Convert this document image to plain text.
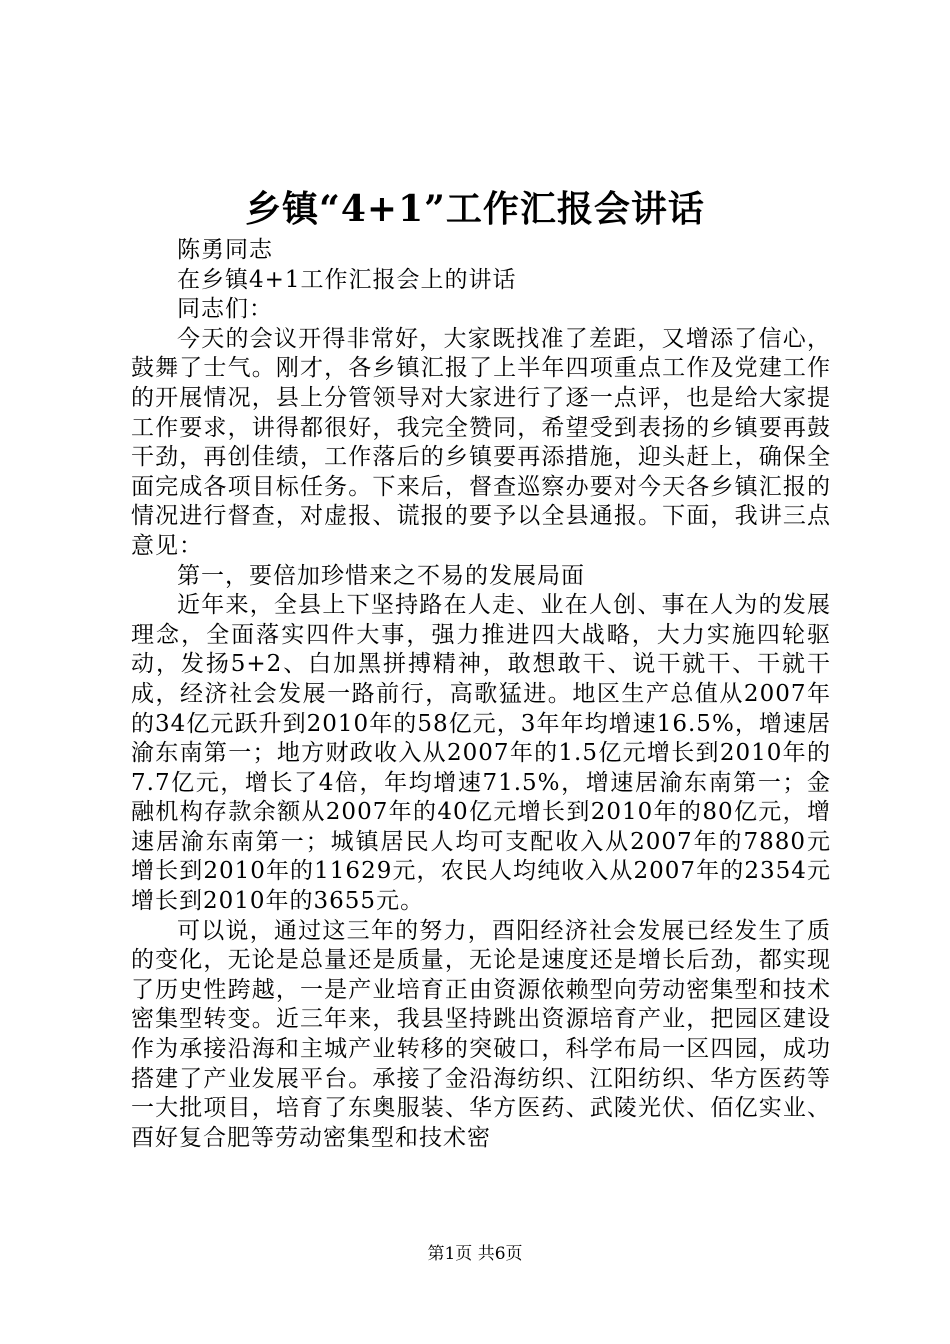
乡镇“4+1”工作汇报会讲话

陈勇同志

在乡镇4+1工作汇报会上的讲话

同志们：

今天的会议开得非常好，大家既找准了差距，又增添了信心，鼓舞了士气。刚才，各乡镇汇报了上半年四项重点工作及党建工作的开展情况，县上分管领导对大家进行了逐一点评，也是给大家提工作要求，讲得都很好，我完全赞同，希望受到表扬的乡镇要再鼓干劲，再创佳绩，工作落后的乡镇要再添措施，迎头赶上，确保全面完成各项目标任务。下来后，督查巡察办要对今天各乡镇汇报的情况进行督查，对虚报、谎报的要予以全县通报。下面，我讲三点意见：

第一，要倍加珍惜来之不易的发展局面

近年来，全县上下坚持路在人走、业在人创、事在人为的发展理念，全面落实四件大事，强力推进四大战略，大力实施四轮驱动，发扬5+2、白加黑拼搏精神，敢想敢干、说干就干、干就干成，经济社会发展一路前行，高歌猛进。地区生产总值从2007年的34亿元跃升到2010年的58亿元，3年年均增速16.5%，增速居渝东南第一；地方财政收入从2007年的1.5亿元增长到2010年的7.7亿元，增长了4倍，年均增速71.5%，增速居渝东南第一；金融机构存款余额从2007年的40亿元增长到2010年的80亿元，增速居渝东南第一；城镇居民人均可支配收入从2007年的7880元增长到2010年的11629元，农民人均纯收入从2007年的2354元增长到2010年的3655元。

可以说，通过这三年的努力，酉阳经济社会发展已经发生了质的变化，无论是总量还是质量，无论是速度还是增长后劲，都实现了历史性跨越，一是产业培育正由资源依赖型向劳动密集型和技术密集型转变。近三年来，我县坚持跳出资源培育产业，把园区建设作为承接沿海和主城产业转移的突破口，科学布局一区四园，成功搭建了产业发展平台。承接了金沿海纺织、江阳纺织、华方医药等一大批项目，培育了东奥服装、华方医药、武陵光伏、佰亿实业、酉好复合肥等劳动密集型和技术密

第1页 共6页
